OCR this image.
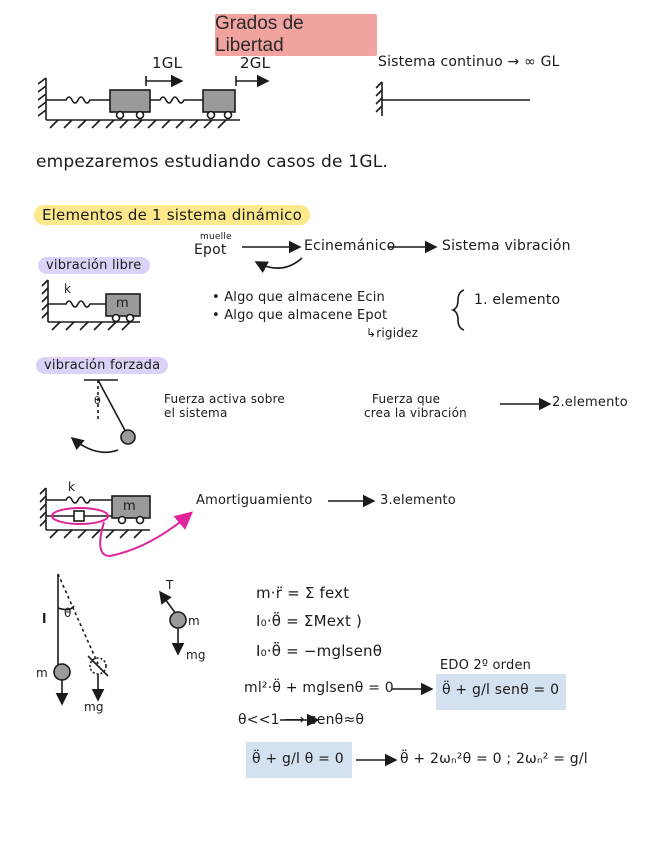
Grados de Libertad
1GL	2GL	Sistema continuo → ∞ GL
empezaremos estudiando casos de 1GL.
Elementos de 1 sistema dinámico
muelle
Epot	Ecinemánico	Sistema vibración
vibración libre
k
m	• Algo que almacene Ecin
• Algo que almacene Epot
↳rigidez
1. elemento
vibración forzada
θ	Fuerza activa sobre
el sistema
Fuerza que
crea la vibración
2.elemento
k
m	Amortiguamiento	3.elemento
l θ
m
mg
T
m
mg
m·r̈ = Σ fext
I₀·θ̈ = ΣMext )
I₀·θ̈ = −mglsenθ
EDO 2º orden
ml²·θ̈ + mglsenθ = 0	θ̈ + g/l senθ = 0
θ<<1 ⟶ senθ≈θ
θ̈ + g/l θ = 0	θ̈ + 2ωₙ²θ = 0 ; 2ωₙ² = g/l
